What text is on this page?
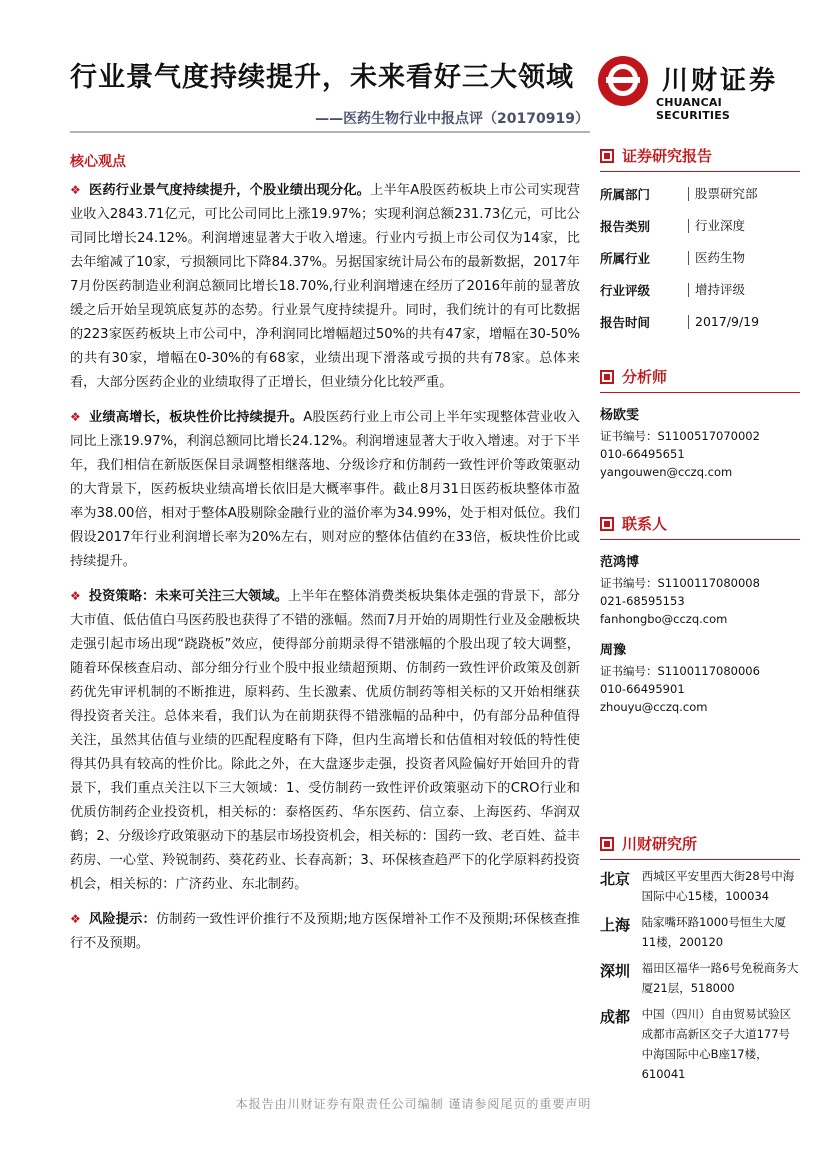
行业景气度持续提升，未来看好三大领域
——医药生物行业中报点评（20170919）
川财证券
CHUANCAI SECURITIES
核心观点
❖ 医药行业景气度持续提升，个股业绩出现分化。上半年A股医药板块上市公司实现营业收入2843.71亿元，可比公司同比上涨19.97%；实现利润总额231.73亿元，可比公司同比增长24.12%。利润增速显著大于收入增速。行业内亏损上市公司仅为14家，比去年缩减了10家，亏损额同比下降84.37%。另据国家统计局公布的最新数据，2017年7月份医药制造业利润总额同比增长18.70%,行业利润增速在经历了2016年前的显著放缓之后开始呈现筑底复苏的态势。行业景气度持续提升。同时，我们统计的有可比数据的223家医药板块上市公司中，净利润同比增幅超过50%的共有47家，增幅在30-50%的共有30家，增幅在0-30%的有68家，业绩出现下滑落或亏损的共有78家。总体来看，大部分医药企业的业绩取得了正增长，但业绩分化比较严重。
❖ 业绩高增长，板块性价比持续提升。A股医药行业上市公司上半年实现整体营业收入同比上涨19.97%，利润总额同比增长24.12%。利润增速显著大于收入增速。对于下半年，我们相信在新版医保目录调整相继落地、分级诊疗和仿制药一致性评价等政策驱动的大背景下，医药板块业绩高增长依旧是大概率事件。截止8月31日医药板块整体市盈率为38.00倍，相对于整体A股剔除金融行业的溢价率为34.99%，处于相对低位。我们假设2017年行业利润增长率为20%左右，则对应的整体估值约在33倍，板块性价比或持续提升。
❖ 投资策略：未来可关注三大领域。上半年在整体消费类板块集体走强的背景下，部分大市值、低估值白马医药股也获得了不错的涨幅。然而7月开始的周期性行业及金融板块走强引起市场出现“跷跷板”效应，使得部分前期录得不错涨幅的个股出现了较大调整，随着环保核查启动、部分细分行业个股中报业绩超预期、仿制药一致性评价政策及创新药优先审评机制的不断推进，原料药、生长激素、优质仿制药等相关标的又开始相继获得投资者关注。总体来看，我们认为在前期获得不错涨幅的品种中，仍有部分品种值得关注，虽然其估值与业绩的匹配程度略有下降，但内生高增长和估值相对较低的特性使得其仍具有较高的性价比。除此之外，在大盘逐步走强，投资者风险偏好开始回升的背景下，我们重点关注以下三大领域：1、受仿制药一致性评价政策驱动下的CRO行业和优质仿制药企业投资机，相关标的：泰格医药、华东医药、信立泰、上海医药、华润双鹤；2、分级诊疗政策驱动下的基层市场投资机会，相关标的：国药一致、老百姓、益丰药房、一心堂、羚锐制药、葵花药业、长春高新；3、环保核查趋严下的化学原料药投资机会，相关标的：广济药业、东北制药。
❖ 风险提示：仿制药一致性评价推行不及预期;地方医保增补工作不及预期;环保核查推行不及预期。
证券研究报告
所属部门	股票研究部
报告类别	行业深度
所属行业	医药生物
行业评级	增持评级
报告时间	2017/9/19
分析师
杨欧雯
证书编号：S1100517070002
010-66495651
yangouwen@cczq.com
联系人
范鸿博
证书编号：S1100117080008
021-68595153
fanhongbo@cczq.com
周豫
证书编号：S1100117080006
010-66495901
zhouyu@cczq.com
川财研究所
北京	西城区平安里西大街28号中海国际中心15楼，100034
上海	陆家嘴环路1000号恒生大厦11楼，200120
深圳	福田区福华一路6号免税商务大厦21层，518000
成都	中国（四川）自由贸易试验区成都市高新区交子大道177号中海国际中心B座17楼，610041
本报告由川财证券有限责任公司编制 谨请参阅尾页的重要声明
